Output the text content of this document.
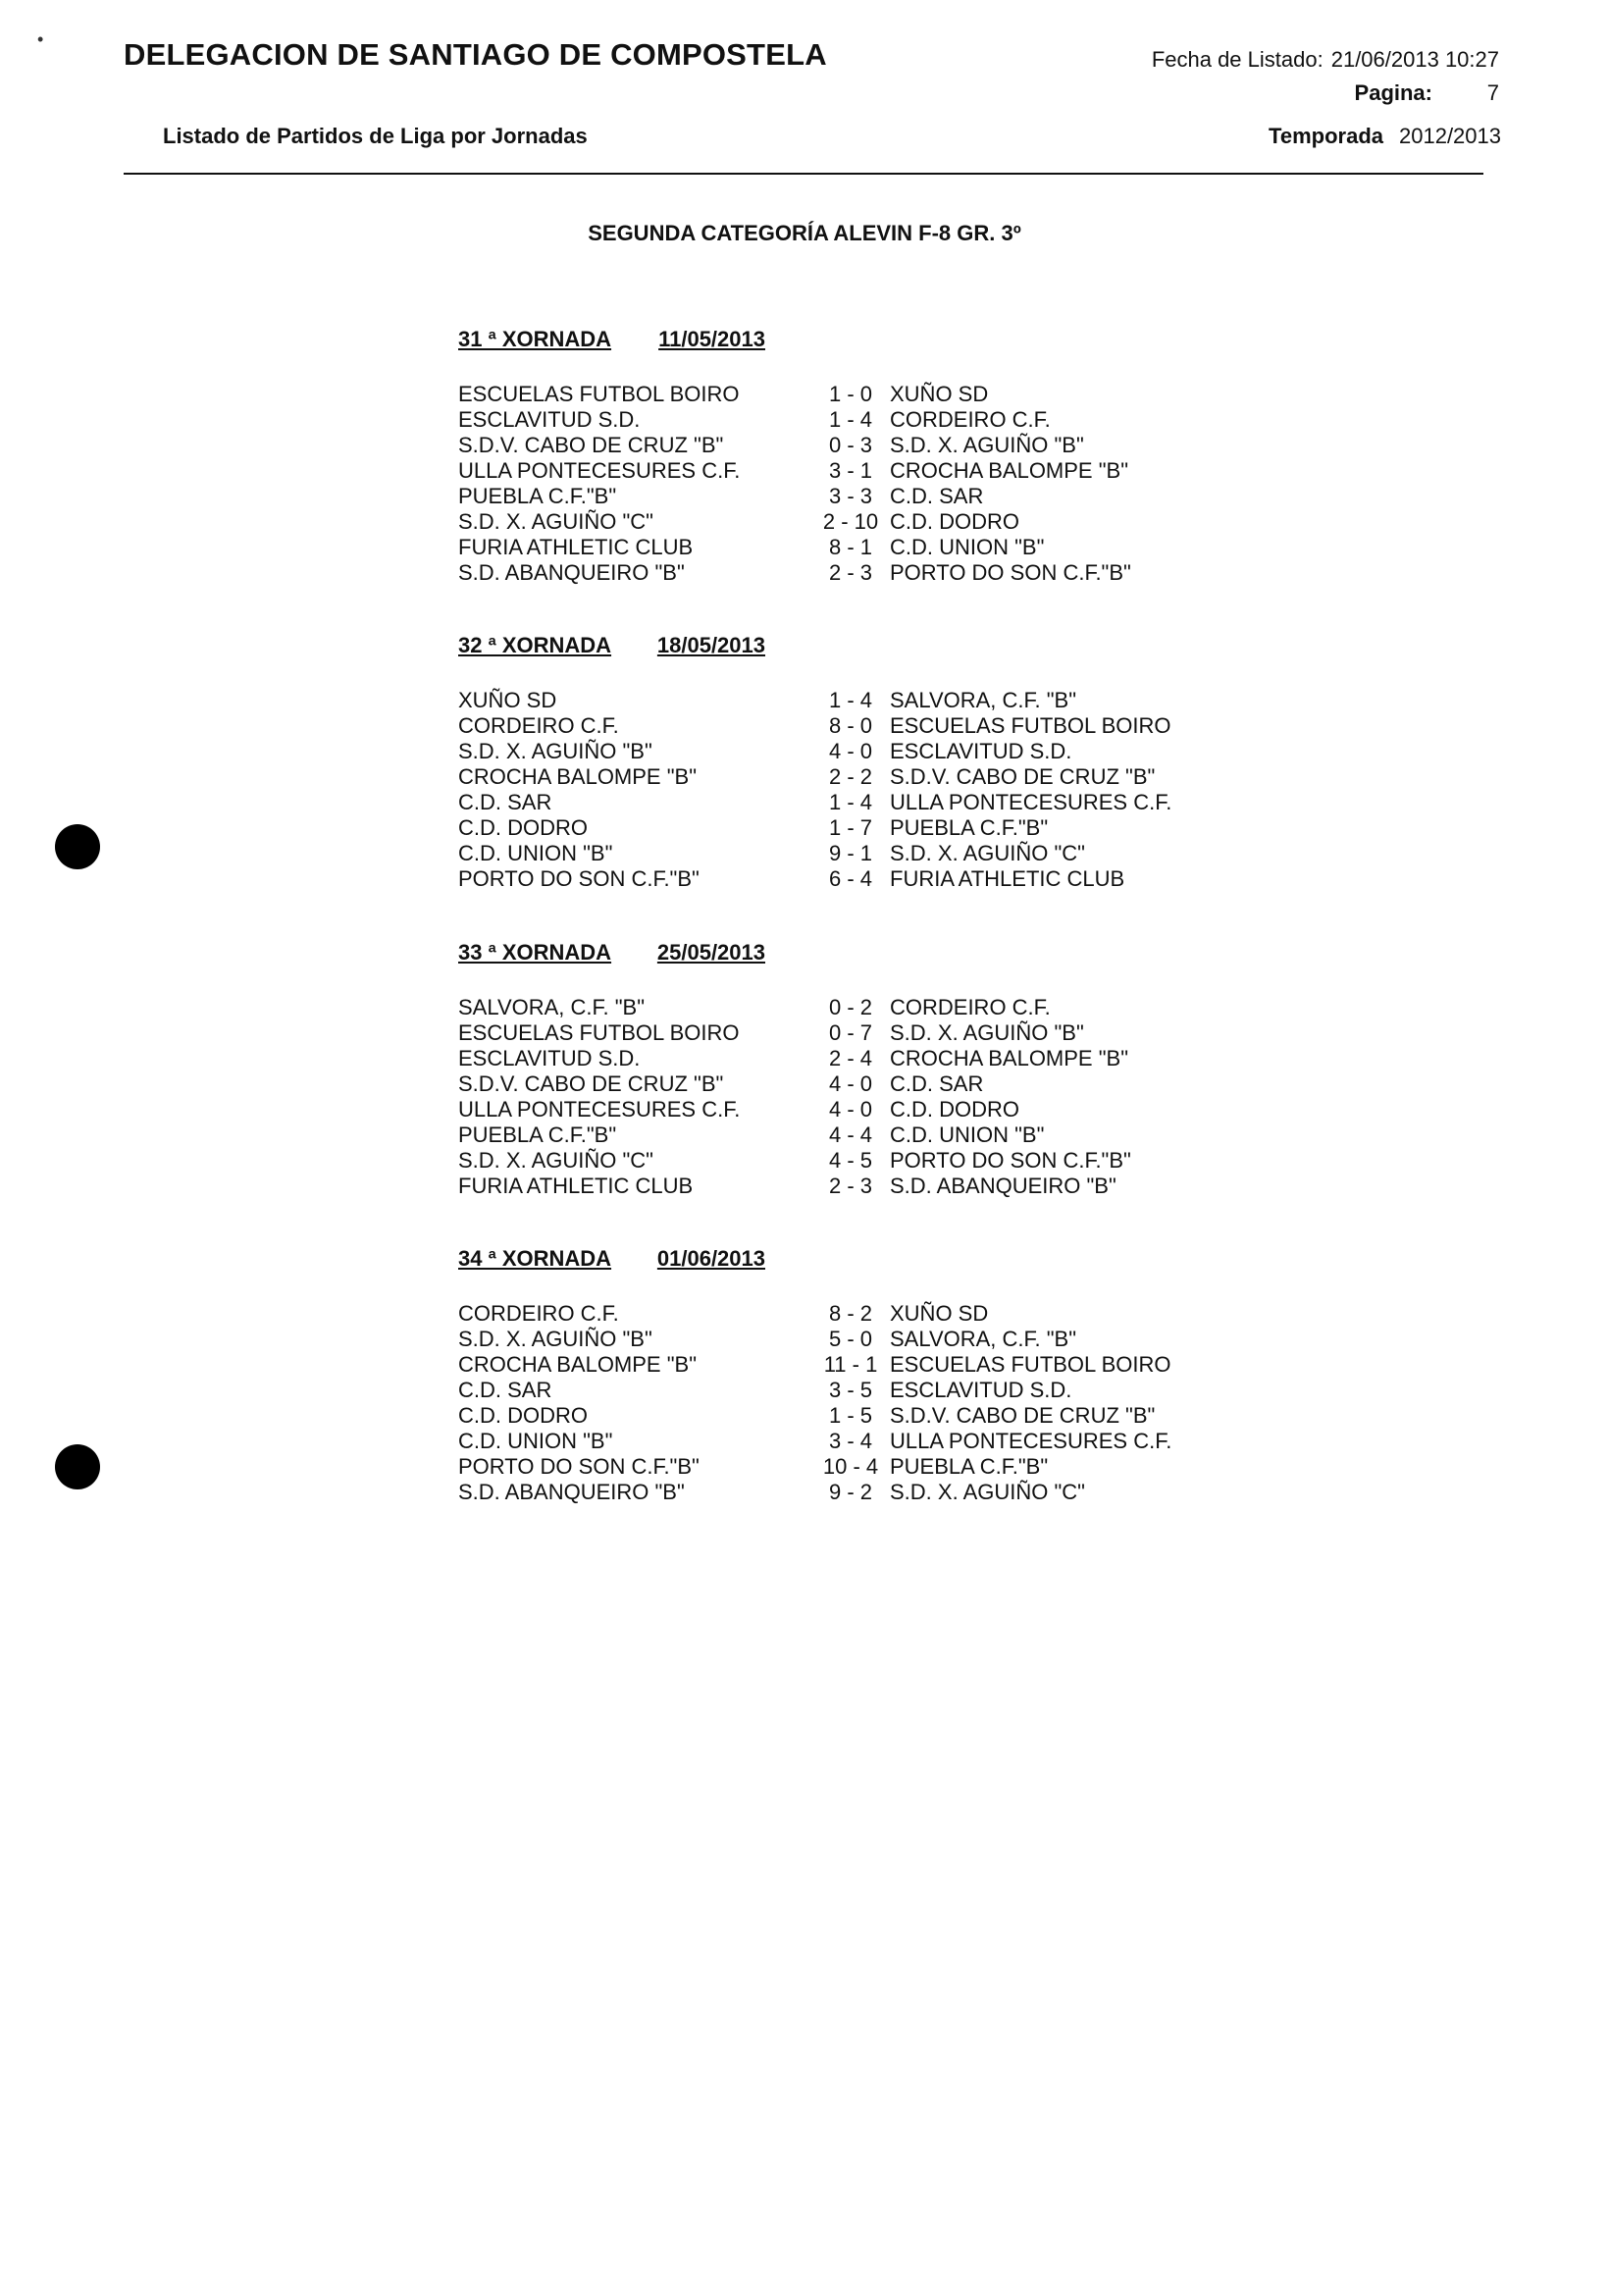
•	DELEGACION DE SANTIAGO DE COMPOSTELA	Fecha de Listado: 21/06/2013 10:27
Pagina:	7
Listado de Partidos de Liga por Jornadas	Temporada 2012/2013
SEGUNDA CATEGORÍA ALEVIN F-8 GR. 3º
31 ª XORNADA 11/05/2013
ESCUELAS FUTBOL BOIRO	1 - 0 XUÑO SD
ESCLAVITUD S.D.	1 - 4 CORDEIRO C.F.
S.D.V. CABO DE CRUZ "B"	0 - 3 S.D. X. AGUIÑO "B"
ULLA PONTECESURES C.F.	3 - 1 CROCHA BALOMPE "B"
PUEBLA C.F."B"	3 - 3 C.D. SAR
S.D. X. AGUIÑO "C"	2 - 10 C.D. DODRO
FURIA ATHLETIC CLUB	8 - 1 C.D. UNION "B"
S.D. ABANQUEIRO "B"	2 - 3 PORTO DO SON C.F."B"
32 ª XORNADA 18/05/2013
XUÑO SD	1 - 4 SALVORA, C.F. "B"
CORDEIRO C.F.	8 - 0 ESCUELAS FUTBOL BOIRO
S.D. X. AGUIÑO "B"	4 - 0 ESCLAVITUD S.D.
CROCHA BALOMPE "B"	2 - 2 S.D.V. CABO DE CRUZ "B"
C.D. SAR	1 - 4 ULLA PONTECESURES C.F.
C.D. DODRO	1 - 7 PUEBLA C.F."B"
C.D. UNION "B"	9 - 1 S.D. X. AGUIÑO "C"
PORTO DO SON C.F."B"	6 - 4 FURIA ATHLETIC CLUB
33 ª XORNADA 25/05/2013
SALVORA, C.F. "B"	0 - 2 CORDEIRO C.F.
ESCUELAS FUTBOL BOIRO	0 - 7 S.D. X. AGUIÑO "B"
ESCLAVITUD S.D.	2 - 4 CROCHA BALOMPE "B"
S.D.V. CABO DE CRUZ "B"	4 - 0 C.D. SAR
ULLA PONTECESURES C.F.	4 - 0 C.D. DODRO
PUEBLA C.F."B"	4 - 4 C.D. UNION "B"
S.D. X. AGUIÑO "C"	4 - 5 PORTO DO SON C.F."B"
FURIA ATHLETIC CLUB	2 - 3 S.D. ABANQUEIRO "B"
34 ª XORNADA 01/06/2013
CORDEIRO C.F.	8 - 2 XUÑO SD
S.D. X. AGUIÑO "B"	5 - 0 SALVORA, C.F. "B"
CROCHA BALOMPE "B"	11 - 1 ESCUELAS FUTBOL BOIRO
C.D. SAR	3 - 5 ESCLAVITUD S.D.
C.D. DODRO	1 - 5 S.D.V. CABO DE CRUZ "B"
C.D. UNION "B"	3 - 4 ULLA PONTECESURES C.F.
PORTO DO SON C.F."B"	10 - 4 PUEBLA C.F."B"
S.D. ABANQUEIRO "B"	9 - 2 S.D. X. AGUIÑO "C"
